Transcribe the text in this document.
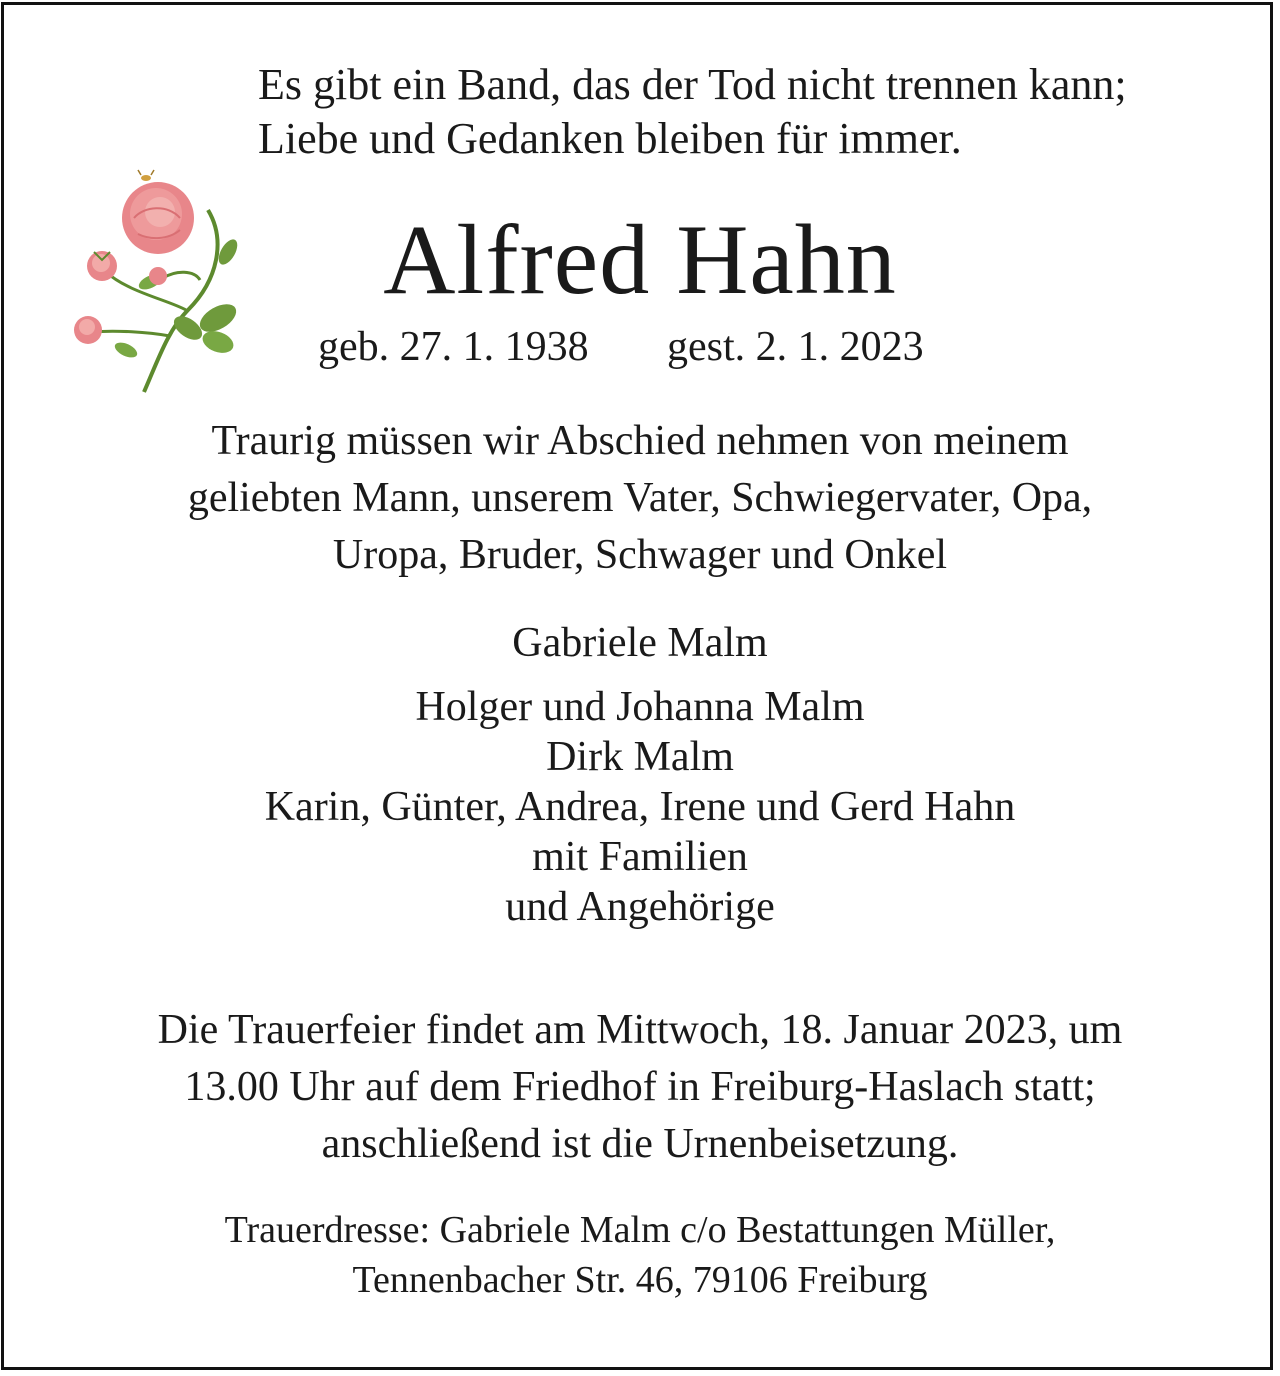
Es gibt ein Band, das der Tod nicht trennen kann;
Liebe und Gedanken bleiben für immer.
Alfred Hahn
geb. 27. 1. 1938 gest. 2. 1. 2023
Traurig müssen wir Abschied nehmen von meinem
geliebten Mann, unserem Vater, Schwiegervater, Opa,
Uropa, Bruder, Schwager und Onkel
Gabriele Malm
Holger und Johanna Malm
Dirk Malm
Karin, Günter, Andrea, Irene und Gerd Hahn
mit Familien
und Angehörige
Die Trauerfeier findet am Mittwoch, 18. Januar 2023, um
13.00 Uhr auf dem Friedhof in Freiburg-Haslach statt;
anschließend ist die Urnenbeisetzung.
Trauerdresse: Gabriele Malm c/o Bestattungen Müller,
Tennenbacher Str. 46, 79106 Freiburg
